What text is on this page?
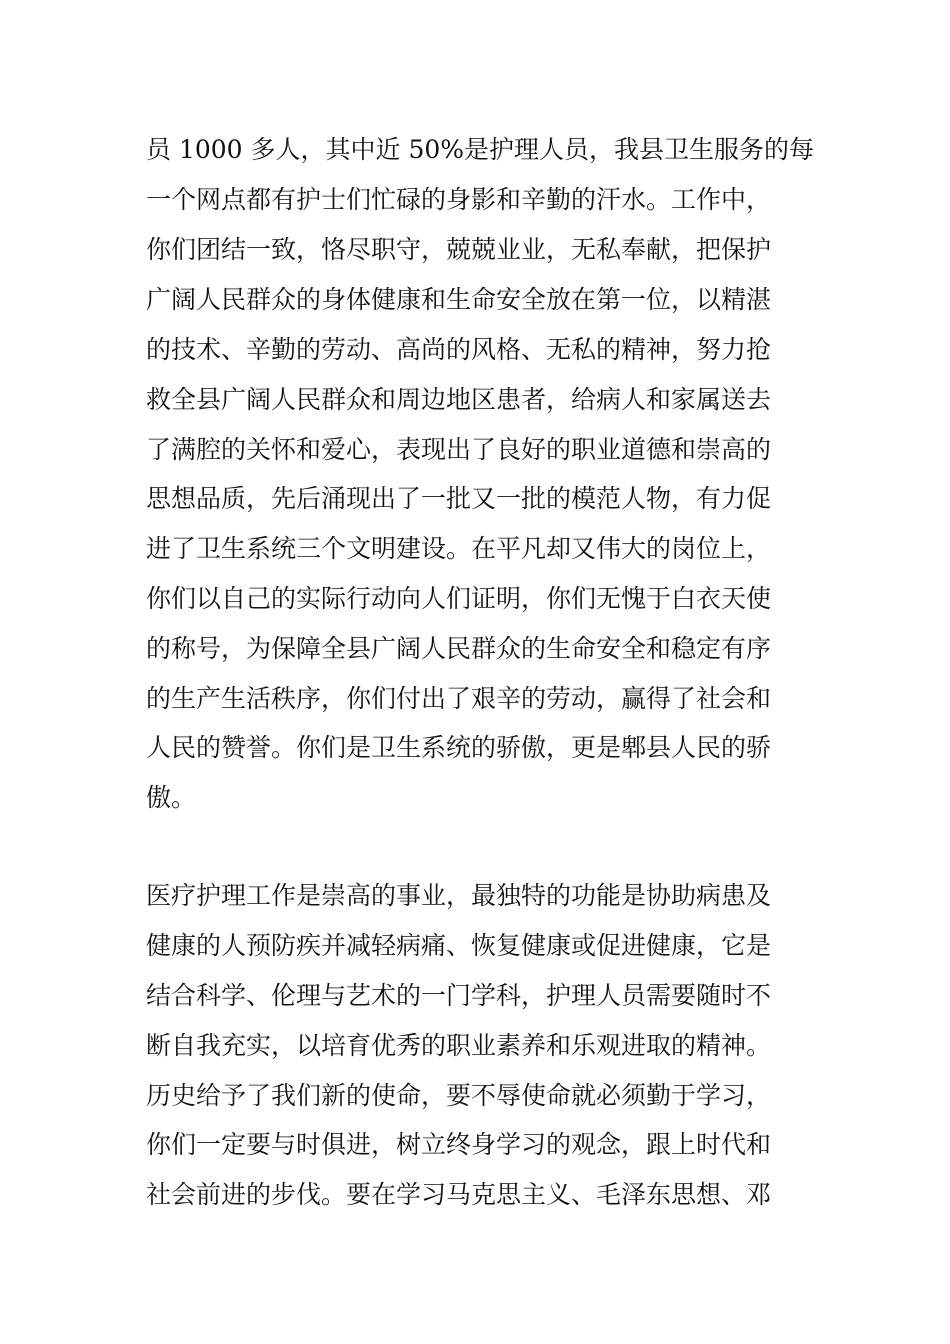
员 1000 多人，其中近 50%是护理人员，我县卫生服务的每
一个网点都有护士们忙碌的身影和辛勤的汗水。工作中，
你们团结一致，恪尽职守，兢兢业业，无私奉献，把保护
广阔人民群众的身体健康和生命安全放在第一位，以精湛
的技术、辛勤的劳动、高尚的风格、无私的精神，努力抢
救全县广阔人民群众和周边地区患者，给病人和家属送去
了满腔的关怀和爱心，表现出了良好的职业道德和崇高的
思想品质，先后涌现出了一批又一批的模范人物，有力促
进了卫生系统三个文明建设。在平凡却又伟大的岗位上，
你们以自己的实际行动向人们证明，你们无愧于白衣天使
的称号，为保障全县广阔人民群众的生命安全和稳定有序
的生产生活秩序，你们付出了艰辛的劳动，赢得了社会和
人民的赞誉。你们是卫生系统的骄傲，更是郫县人民的骄
傲。
医疗护理工作是崇高的事业，最独特的功能是协助病患及
健康的人预防疾并减轻病痛、恢复健康或促进健康，它是
结合科学、伦理与艺术的一门学科，护理人员需要随时不
断自我充实，以培育优秀的职业素养和乐观进取的精神。
历史给予了我们新的使命，要不辱使命就必须勤于学习，
你们一定要与时俱进，树立终身学习的观念，跟上时代和
社会前进的步伐。要在学习马克思主义、毛泽东思想、邓
